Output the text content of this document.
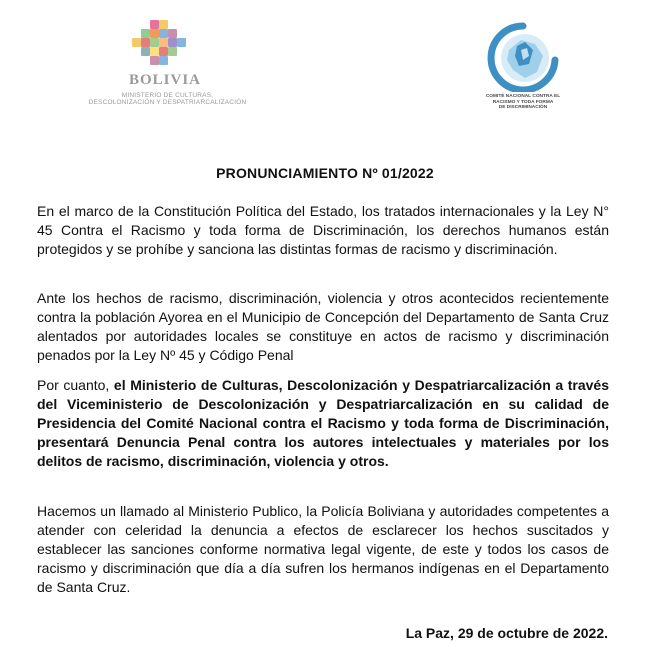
BOLIVIA
MINISTERIO DE CULTURAS,
DESCOLONIZACIÓN Y DESPATRIARCALIZACIÓN
COMITÉ NACIONAL CONTRA EL
RACISMO Y TODA FORMA
DE DISCRIMINACIÓN
PRONUNCIAMIENTO Nº 01/2022

En el marco de la Constitución Política del Estado, los tratados internacionales y la Ley N° 45 Contra el Racismo y toda forma de Discriminación, los derechos humanos están protegidos y se prohíbe y sanciona las distintas formas de racismo y discriminación.

Ante los hechos de racismo, discriminación, violencia y otros acontecidos recientemente contra la población Ayorea en el Municipio de Concepción del Departamento de Santa Cruz alentados por autoridades locales se constituye en actos de racismo y discriminación penados por la Ley Nº 45 y Código Penal

Por cuanto, el Ministerio de Culturas, Descolonización y Despatriarcalización a través del Viceministerio de Descolonización y Despatriarcalización en su calidad de Presidencia del Comité Nacional contra el Racismo y toda forma de Discriminación, presentará Denuncia Penal contra los autores intelectuales y materiales por los delitos de racismo, discriminación, violencia y otros.

Hacemos un llamado al Ministerio Publico, la Policía Boliviana y autoridades competentes a atender con celeridad la denuncia a efectos de esclarecer los hechos suscitados y establecer las sanciones conforme normativa legal vigente, de este y todos los casos de racismo y discriminación que día a día sufren los hermanos indígenas en el Departamento de Santa Cruz.

La Paz, 29 de octubre de 2022.
